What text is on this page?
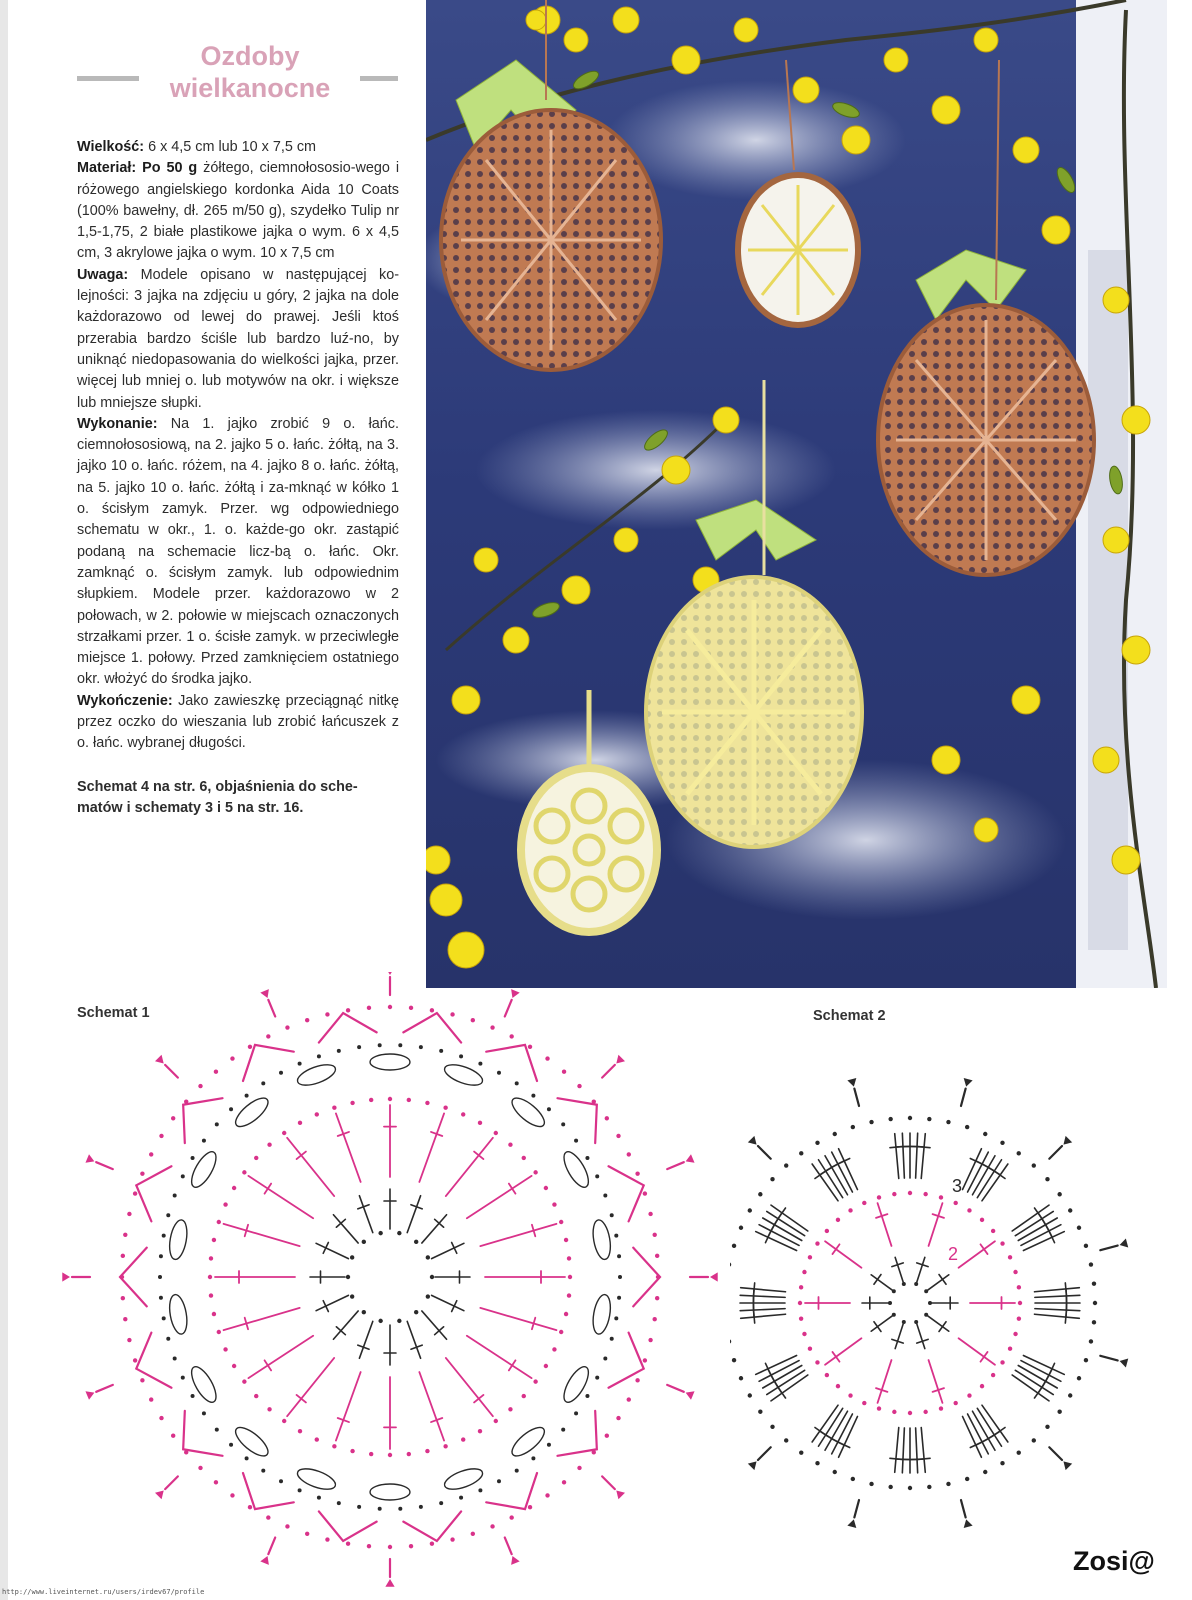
Ozdoby
wielkanocne

Wielkość: 6 x 4,5 cm lub 10 x 7,5 cm

Materiał: Po 50 g żółtego, ciemnołososio-wego i różowego angielskiego kordonka Aida 10 Coats (100% bawełny, dł. 265 m/50 g), szydełko Tulip nr 1,5-1,75, 2 białe plastikowe jajka o wym. 6 x 4,5 cm, 3 akrylowe jajka o wym. 10 x 7,5 cm

Uwaga: Modele opisano w następującej ko-lejności: 3 jajka na zdjęciu u góry, 2 jajka na dole każdorazowo od lewej do prawej. Jeśli ktoś przerabia bardzo ściśle lub bardzo luź-no, by uniknąć niedopasowania do wielkości jajka, przer. więcej lub mniej o. lub motywów na okr. i większe lub mniejsze słupki.

Wykonanie: Na 1. jajko zrobić 9 o. łańc. ciemnołososiową, na 2. jajko 5 o. łańc. żółtą, na 3. jajko 10 o. łańc. różem, na 4. jajko 8 o. łańc. żółtą, na 5. jajko 10 o. łańc. żółtą i za-mknąć w kółko 1 o. ścisłym zamyk. Przer. wg odpowiedniego schematu w okr., 1. o. każde-go okr. zastąpić podaną na schemacie licz-bą o. łańc. Okr. zamknąć o. ścisłym zamyk. lub odpowiednim słupkiem. Modele przer. każdorazowo w 2 połowach, w 2. połowie w miejscach oznaczonych strzałkami przer. 1 o. ścisłe zamyk. w przeciwległe miejsce 1. połowy. Przed zamknięciem ostatniego okr. włożyć do środka jajko.

Wykończenie: Jako zawieszkę przeciągnąć nitkę przez oczko do wieszania lub zrobić łańcuszek z o. łańc. wybranej długości.

Schemat 4 na str. 6, objaśnienia do sche-matów i schematy 3 i 5 na str. 16.

Schemat 1	Schemat 2
2
3
http://www.liveinternet.ru/users/irdev67/profile
Zosi@
